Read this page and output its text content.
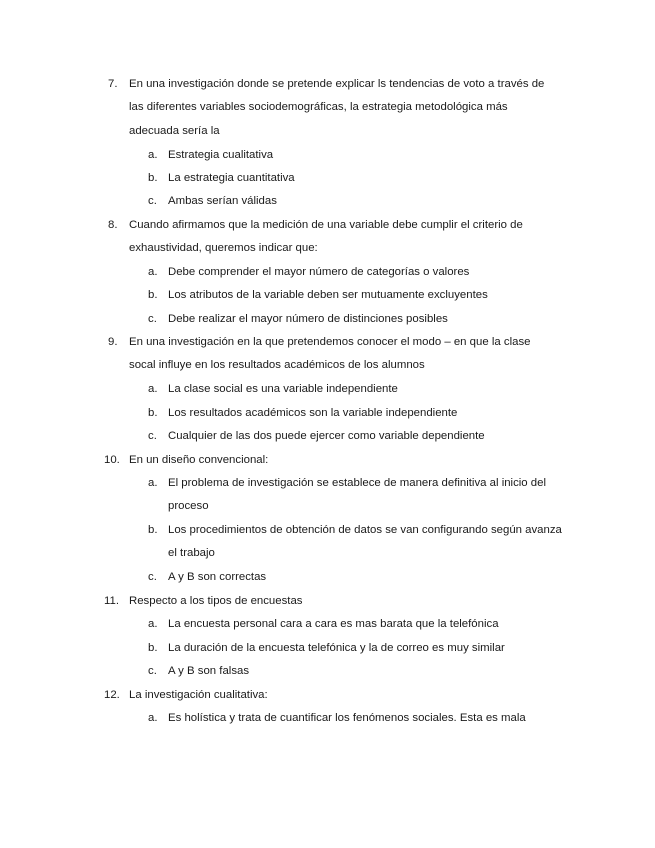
7. En una investigación donde se pretende explicar ls tendencias de voto a través de las diferentes variables sociodemográficas, la estrategia metodológica más adecuada sería la
a. Estrategia cualitativa
b. La estrategia cuantitativa
c. Ambas serían válidas
8. Cuando afirmamos que la medición de una variable debe cumplir el criterio de exhaustividad, queremos indicar que:
a. Debe comprender el mayor número de categorías o valores
b. Los atributos de la variable deben ser mutuamente excluyentes
c. Debe realizar el mayor número de distinciones posibles
9. En una investigación en la que pretendemos conocer el modo – en que la clase socal influye en los resultados académicos de los alumnos
a. La clase social es una variable independiente
b. Los resultados académicos son la variable independiente
c. Cualquier de las dos puede ejercer como variable dependiente
10. En un diseño convencional:
a. El problema de investigación se establece de manera definitiva al inicio del proceso
b. Los procedimientos de obtención de datos se van configurando según avanza el trabajo
c. A y B son correctas
11. Respecto a los tipos de encuestas
a. La encuesta personal cara a cara es mas barata que la telefónica
b. La duración de la encuesta telefónica y la de correo es muy similar
c. A y B son falsas
12. La investigación cualitativa:
a. Es holística y trata de cuantificar los fenómenos sociales. Esta es mala
